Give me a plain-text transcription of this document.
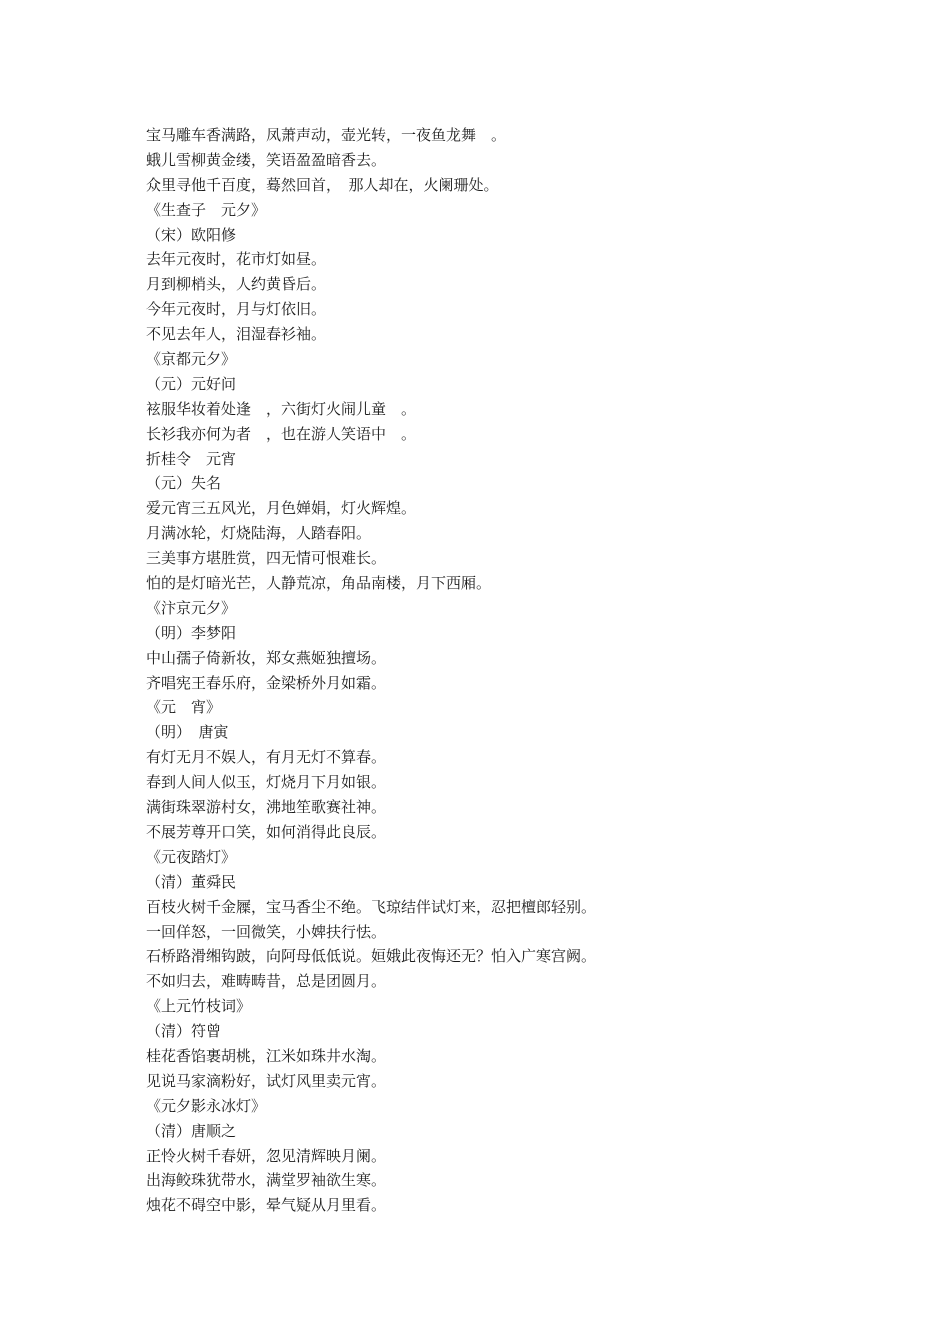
宝马雕车香满路，凤萧声动，壶光转，一夜鱼龙舞　。
蛾儿雪柳黄金缕，笑语盈盈暗香去。
众里寻他千百度，蓦然回首，　那人却在，火阑珊处。
《生查子　元夕》
（宋）欧阳修
去年元夜时，花市灯如昼。
月到柳梢头，人约黄昏后。
今年元夜时，月与灯依旧。
不见去年人，泪湿春衫袖。
《京都元夕》
（元）元好问
袨服华妆着处逢　，六街灯火闹儿童　。
长衫我亦何为者　，也在游人笑语中　。
折桂令　元宵
（元）失名
爱元宵三五风光，月色婵娟，灯火辉煌。
月满冰轮，灯烧陆海，人踏春阳。
三美事方堪胜赏，四无情可恨难长。
怕的是灯暗光芒，人静荒凉，角品南楼，月下西厢。
《汴京元夕》
（明）李梦阳
中山孺子倚新妆，郑女燕姬独擅场。
齐唱宪王春乐府，金梁桥外月如霜。
《元　宵》
（明）　唐寅
有灯无月不娱人，有月无灯不算春。
春到人间人似玉，灯烧月下月如银。
满街珠翠游村女，沸地笙歌赛社神。
不展芳尊开口笑，如何消得此良辰。
《元夜踏灯》
（清）董舜民
百枝火树千金屧，宝马香尘不绝。飞琼结伴试灯来，忍把檀郎轻别。
一回佯怒，一回微笑，小婢扶行怯。
石桥路滑缃钩跛，向阿母低低说。姮娥此夜悔还无？怕入广寒宫阙。
不如归去，难畴畴昔，总是团圆月。
《上元竹枝词》
（清）符曾
桂花香馅裹胡桃，江米如珠井水淘。
见说马家滴粉好，试灯风里卖元宵。
《元夕影永冰灯》
（清）唐顺之
正怜火树千春妍，忽见清辉映月阑。
出海鲛珠犹带水，满堂罗袖欲生寒。
烛花不碍空中影，晕气疑从月里看。
